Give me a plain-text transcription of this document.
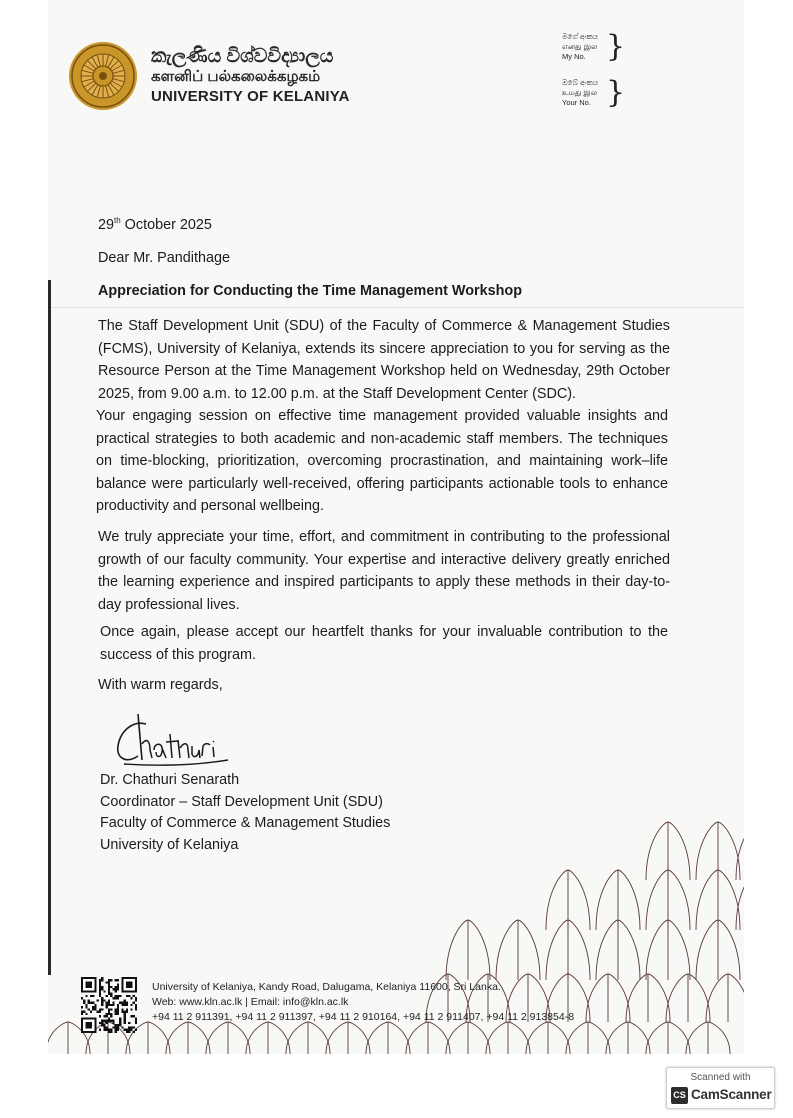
කැලණිය විශ්වවිද්‍යාලය
களனிப் பல்கலைக்கழகம்
UNIVERSITY OF KELANIYA
මගේ අංකය
எனது இல
My No. }
ඔබේ අංකය
உமது இல
Your No. }
29th October 2025
Dear Mr. Pandithage
Appreciation for Conducting the Time Management Workshop
The Staff Development Unit (SDU) of the Faculty of Commerce & Management Studies (FCMS), University of Kelaniya, extends its sincere appreciation to you for serving as the Resource Person at the Time Management Workshop held on Wednesday, 29th October 2025, from 9.00 a.m. to 12.00 p.m. at the Staff Development Center (SDC).
Your engaging session on effective time management provided valuable insights and practical strategies to both academic and non-academic staff members. The techniques on time-blocking, prioritization, overcoming procrastination, and maintaining work–life balance were particularly well-received, offering participants actionable tools to enhance productivity and personal wellbeing.
We truly appreciate your time, effort, and commitment in contributing to the professional growth of our faculty community. Your expertise and interactive delivery greatly enriched the learning experience and inspired participants to apply these methods in their day-to-day professional lives.
Once again, please accept our heartfelt thanks for your invaluable contribution to the success of this program.
With warm regards,
Dr. Chathuri Senarath
Coordinator – Staff Development Unit (SDU)
Faculty of Commerce & Management Studies
University of Kelaniya
University of Kelaniya, Kandy Road, Dalugama, Kelaniya 11600, Sri Lanka.
Web: www.kln.ac.lk | Email: info@kln.ac.lk
+94 11 2 911391, +94 11 2 911397, +94 11 2 910164, +94 11 2 911407, +94 11 2 913854-8
Scanned with
CS CamScanner
